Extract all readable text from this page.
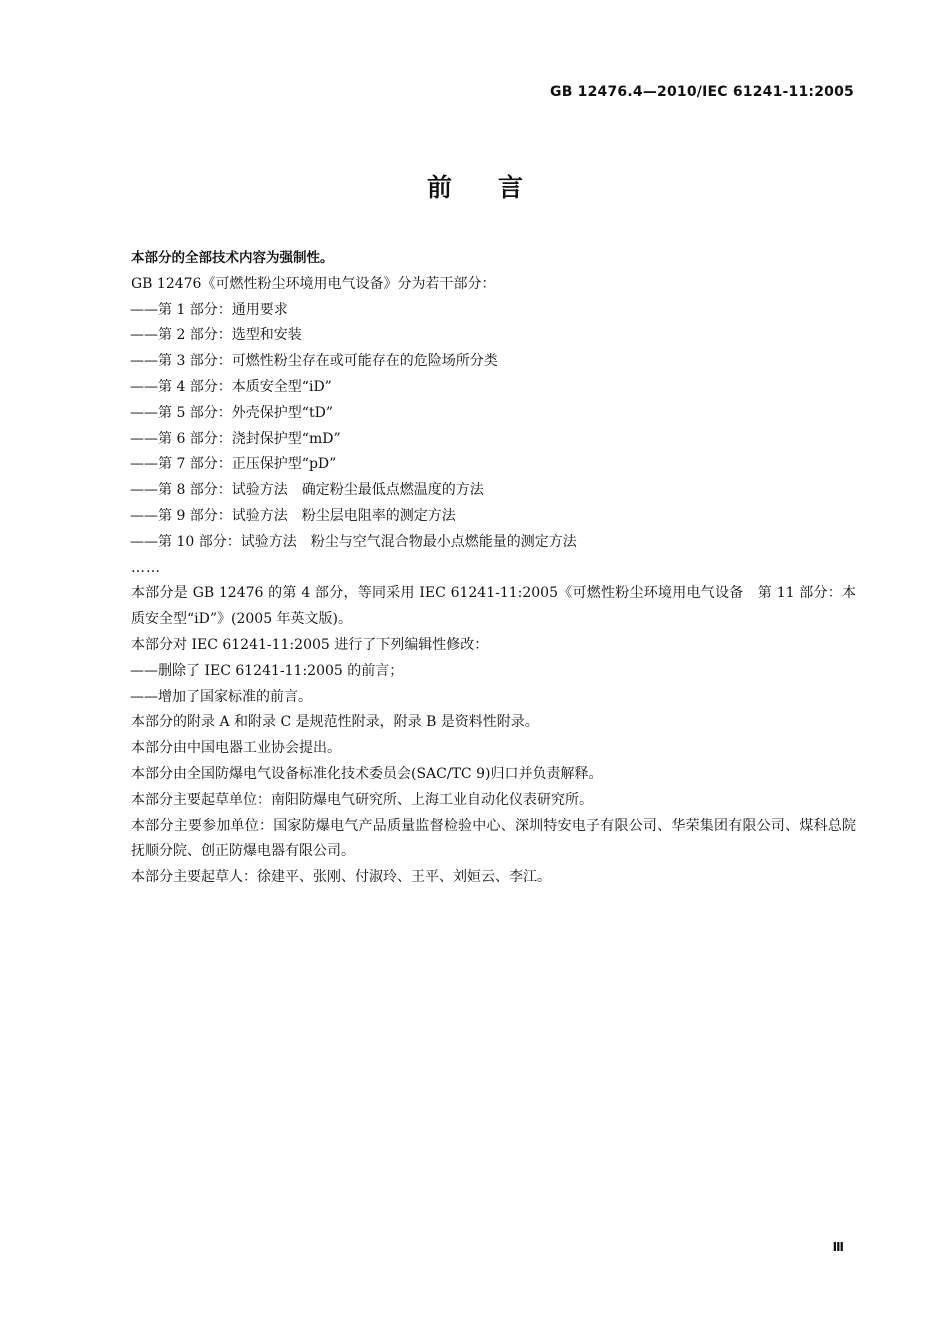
GB 12476.4—2010/IEC 61241-11:2005
前言

本部分的全部技术内容为强制性。

GB 12476《可燃性粉尘环境用电气设备》分为若干部分：

——第 1 部分：通用要求

——第 2 部分：选型和安装

——第 3 部分：可燃性粉尘存在或可能存在的危险场所分类

——第 4 部分：本质安全型“iD”

——第 5 部分：外壳保护型“tD”

——第 6 部分：浇封保护型“mD”

——第 7 部分：正压保护型“pD”

——第 8 部分：试验方法　确定粉尘最低点燃温度的方法

——第 9 部分：试验方法　粉尘层电阻率的测定方法

——第 10 部分：试验方法　粉尘与空气混合物最小点燃能量的测定方法

……

本部分是 GB 12476 的第 4 部分，等同采用 IEC 61241-11:2005《可燃性粉尘环境用电气设备　第 11 部分：本质安全型“iD”》(2005 年英文版)。

本部分对 IEC 61241-11:2005 进行了下列编辑性修改：

——删除了 IEC 61241-11:2005 的前言；

——增加了国家标准的前言。

本部分的附录 A 和附录 C 是规范性附录，附录 B 是资料性附录。

本部分由中国电器工业协会提出。

本部分由全国防爆电气设备标准化技术委员会(SAC/TC 9)归口并负责解释。

本部分主要起草单位：南阳防爆电气研究所、上海工业自动化仪表研究所。

本部分主要参加单位：国家防爆电气产品质量监督检验中心、深圳特安电子有限公司、华荣集团有限公司、煤科总院抚顺分院、创正防爆电器有限公司。

本部分主要起草人：徐建平、张刚、付淑玲、王平、刘姮云、李江。

Ⅲ
